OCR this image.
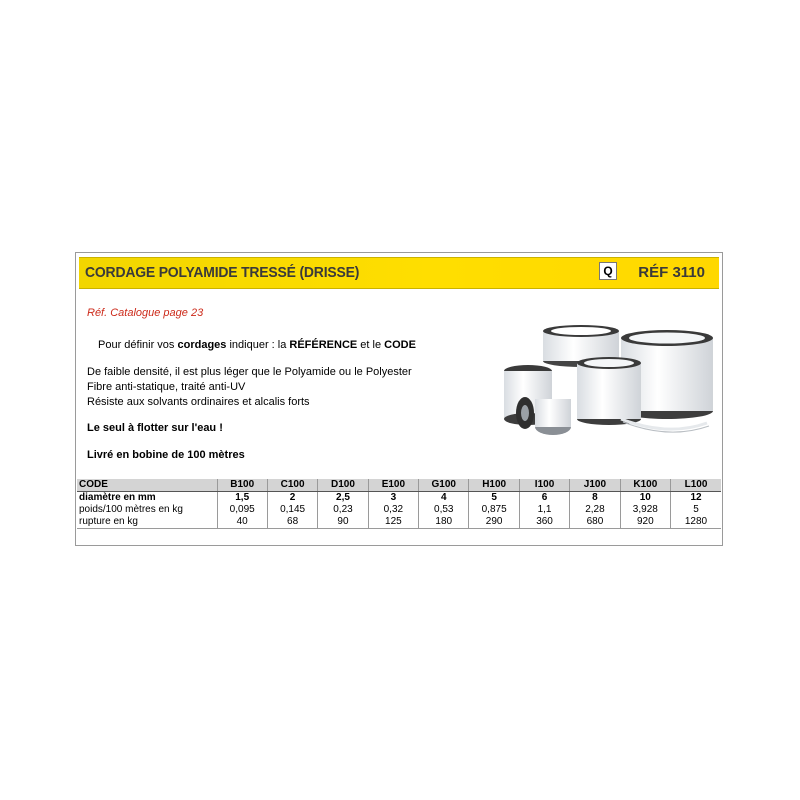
CORDAGE POLYAMIDE TRESSÉ (DRISSE)	Q RÉF 3110
Réf. Catalogue page 23
Pour définir vos cordages indiquer : la RÉFÉRENCE et le CODE
De faible densité, il est plus léger que le Polyamide ou le Polyester
Fibre anti-statique, traité anti-UV
Résiste aux solvants ordinaires et alcalis forts
Le seul à flotter sur l'eau !
Livré en bobine de 100 mètres
CODE	B100	C100	D100	E100	G100	H100	I100	J100	K100	L100
diamètre en mm	1,5	2	2,5	3	4	5	6	8	10	12
poids/100 mètres en kg	0,095	0,145	0,23	0,32	0,53	0,875	1,1	2,28	3,928	5
rupture en kg	40	68	90	125	180	290	360	680	920	1280
